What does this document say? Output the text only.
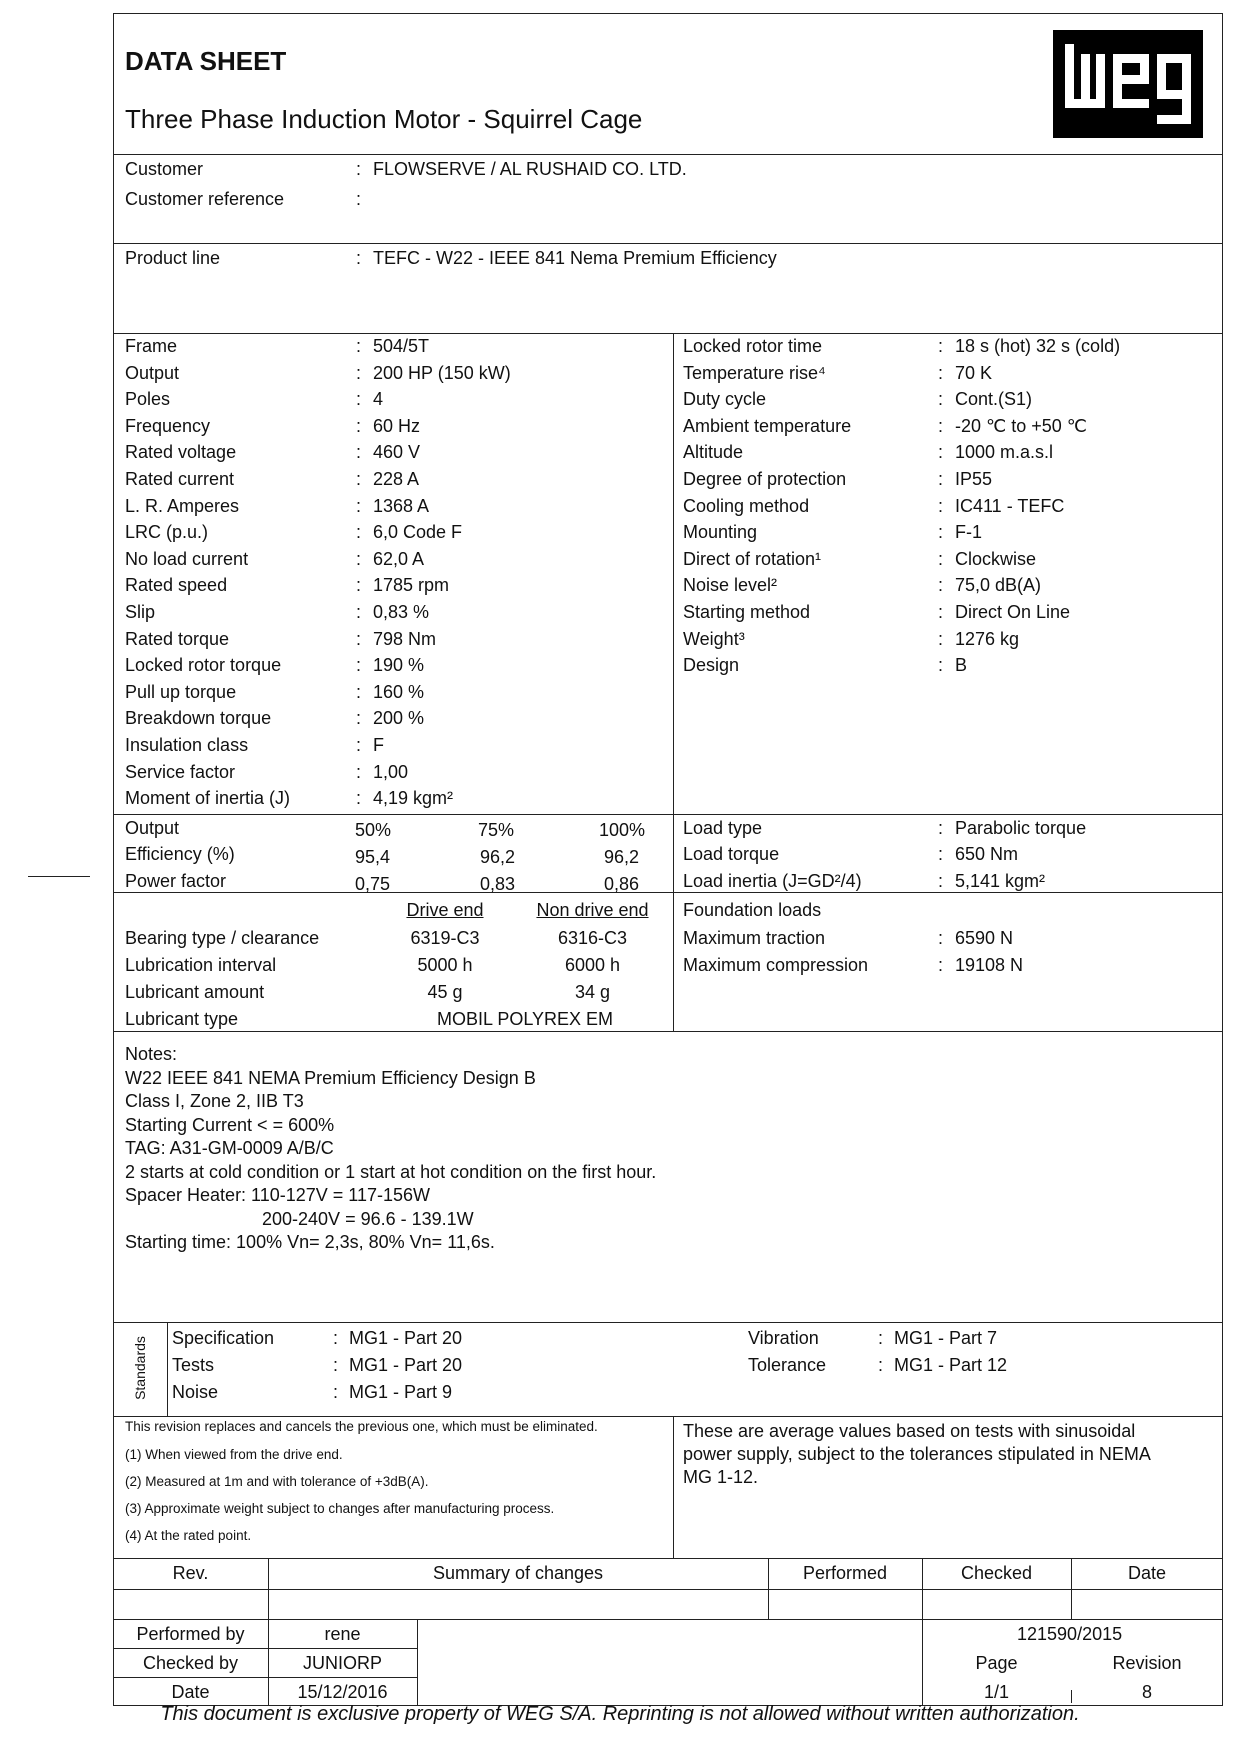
DATA SHEET
Three Phase Induction Motor - Squirrel Cage
Customer	: FLOWSERVE / AL RUSHAID CO. LTD.
Customer reference	:
Product line	: TEFC - W22 - IEEE 841 Nema Premium Efficiency
Frame	: 504/5T
Output	: 200 HP (150 kW)
Poles	: 4
Frequency	: 60 Hz
Rated voltage	: 460 V
Rated current	: 228 A
L. R. Amperes	: 1368 A
LRC (p.u.)	: 6,0 Code F
No load current	: 62,0 A
Rated speed	: 1785 rpm
Slip	: 0,83 %
Rated torque	: 798 Nm
Locked rotor torque	: 190 %
Pull up torque	: 160 %
Breakdown torque	: 200 %
Insulation class	: F
Service factor	: 1,00
Moment of inertia (J)	: 4,19 kgm²
Locked rotor time	: 18 s (hot) 32 s (cold)
Temperature rise⁴	: 70 K
Duty cycle	: Cont.(S1)
Ambient temperature	: -20 ℃ to +50 ℃
Altitude	: 1000 m.a.s.l
Degree of protection	: IP55
Cooling method	: IC411 - TEFC
Mounting	: F-1
Direct of rotation¹	: Clockwise
Noise level²	: 75,0 dB(A)
Starting method	: Direct On Line
Weight³	: 1276 kg
Design	: B
Output	50%	75%	100%
Efficiency (%)	95,4	96,2	96,2
Power factor	0,75	0,83	0,86
Load type	: Parabolic torque
Load torque	: 650 Nm
Load inertia (J=GD²/4)	: 5,141 kgm²
Drive end	Non drive end
Bearing type / clearance	6319-C3	6316-C3
Lubrication interval	5000 h	6000 h
Lubricant amount	45 g	34 g
Lubricant type	MOBIL POLYREX EM
Foundation loads
Maximum traction	: 6590 N
Maximum compression	: 19108 N
Notes:
W22 IEEE 841 NEMA Premium Efficiency Design B
Class I, Zone 2, IIB T3
Starting Current < = 600%
TAG: A31-GM-0009 A/B/C
2 starts at cold condition or 1 start at hot condition on the first hour.
Spacer Heater: 110-127V = 117-156W
200-240V = 96.6 - 139.1W
Starting time: 100% Vn= 2,3s, 80% Vn= 11,6s.
Standards Specification	: MG1 - Part 20
Tests	: MG1 - Part 20
Noise	: MG1 - Part 9
Vibration	: MG1 - Part 7
Tolerance	: MG1 - Part 12
This revision replaces and cancels the previous one, which must be eliminated.
(1) When viewed from the drive end.
(2) Measured at 1m and with tolerance of +3dB(A).
(3) Approximate weight subject to changes after manufacturing process.
(4) At the rated point.
These are average values based on tests with sinusoidal
power supply, subject to the tolerances stipulated in NEMA
MG 1-12.
Rev.	Summary of changes	Performed	Checked	Date
Performed by	rene
Checked by	JUNIORP
Date	15/12/2016
121590/2015
Page	Revision
1/1	8
This document is exclusive property of WEG S/A. Reprinting is not allowed without written authorization.
